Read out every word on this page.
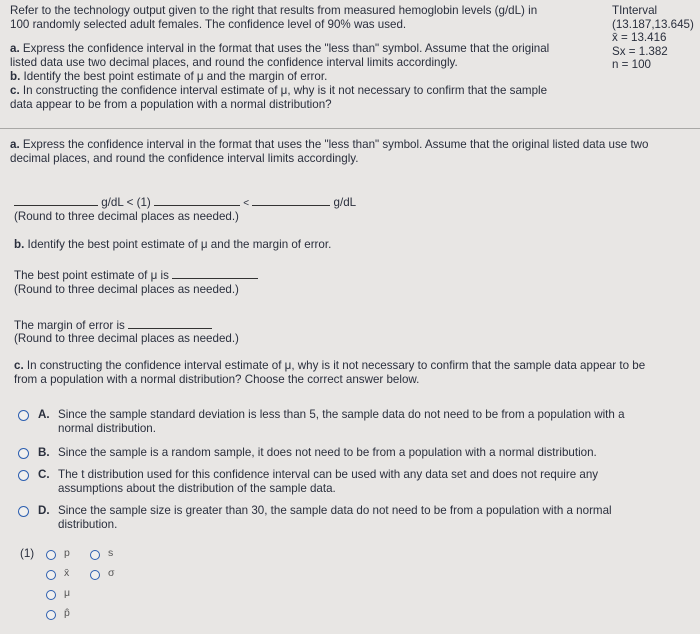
Refer to the technology output given to the right that results from measured hemoglobin levels (g/dL) in
100 randomly selected adult females. The confidence level of 90% was used.
a. Express the confidence interval in the format that uses the "less than" symbol. Assume that the original
listed data use two decimal places, and round the confidence interval limits accordingly.
b. Identify the best point estimate of μ and the margin of error.
c. In constructing the confidence interval estimate of μ, why is it not necessary to confirm that the sample
data appear to be from a population with a normal distribution?
TInterval
(13.187,13.645)
x̄ = 13.416
Sx = 1.382
n = 100
a. Express the confidence interval in the format that uses the "less than" symbol. Assume that the original listed data use two
decimal places, and round the confidence interval limits accordingly.
g/dL < (1)	<	g/dL
(Round to three decimal places as needed.)
b. Identify the best point estimate of μ and the margin of error.
The best point estimate of μ is
(Round to three decimal places as needed.)
The margin of error is
(Round to three decimal places as needed.)
c. In constructing the confidence interval estimate of μ, why is it not necessary to confirm that the sample data appear to be
from a population with a normal distribution? Choose the correct answer below.
A. Since the sample standard deviation is less than 5, the sample data do not need to be from a population with a
normal distribution.
B. Since the sample is a random sample, it does not need to be from a population with a normal distribution.
C. The t distribution used for this confidence interval can be used with any data set and does not require any
assumptions about the distribution of the sample data.
D. Since the sample size is greater than 30, the sample data do not need to be from a population with a normal
distribution.
(1)	p	s
x̄	σ
μ
p̂
